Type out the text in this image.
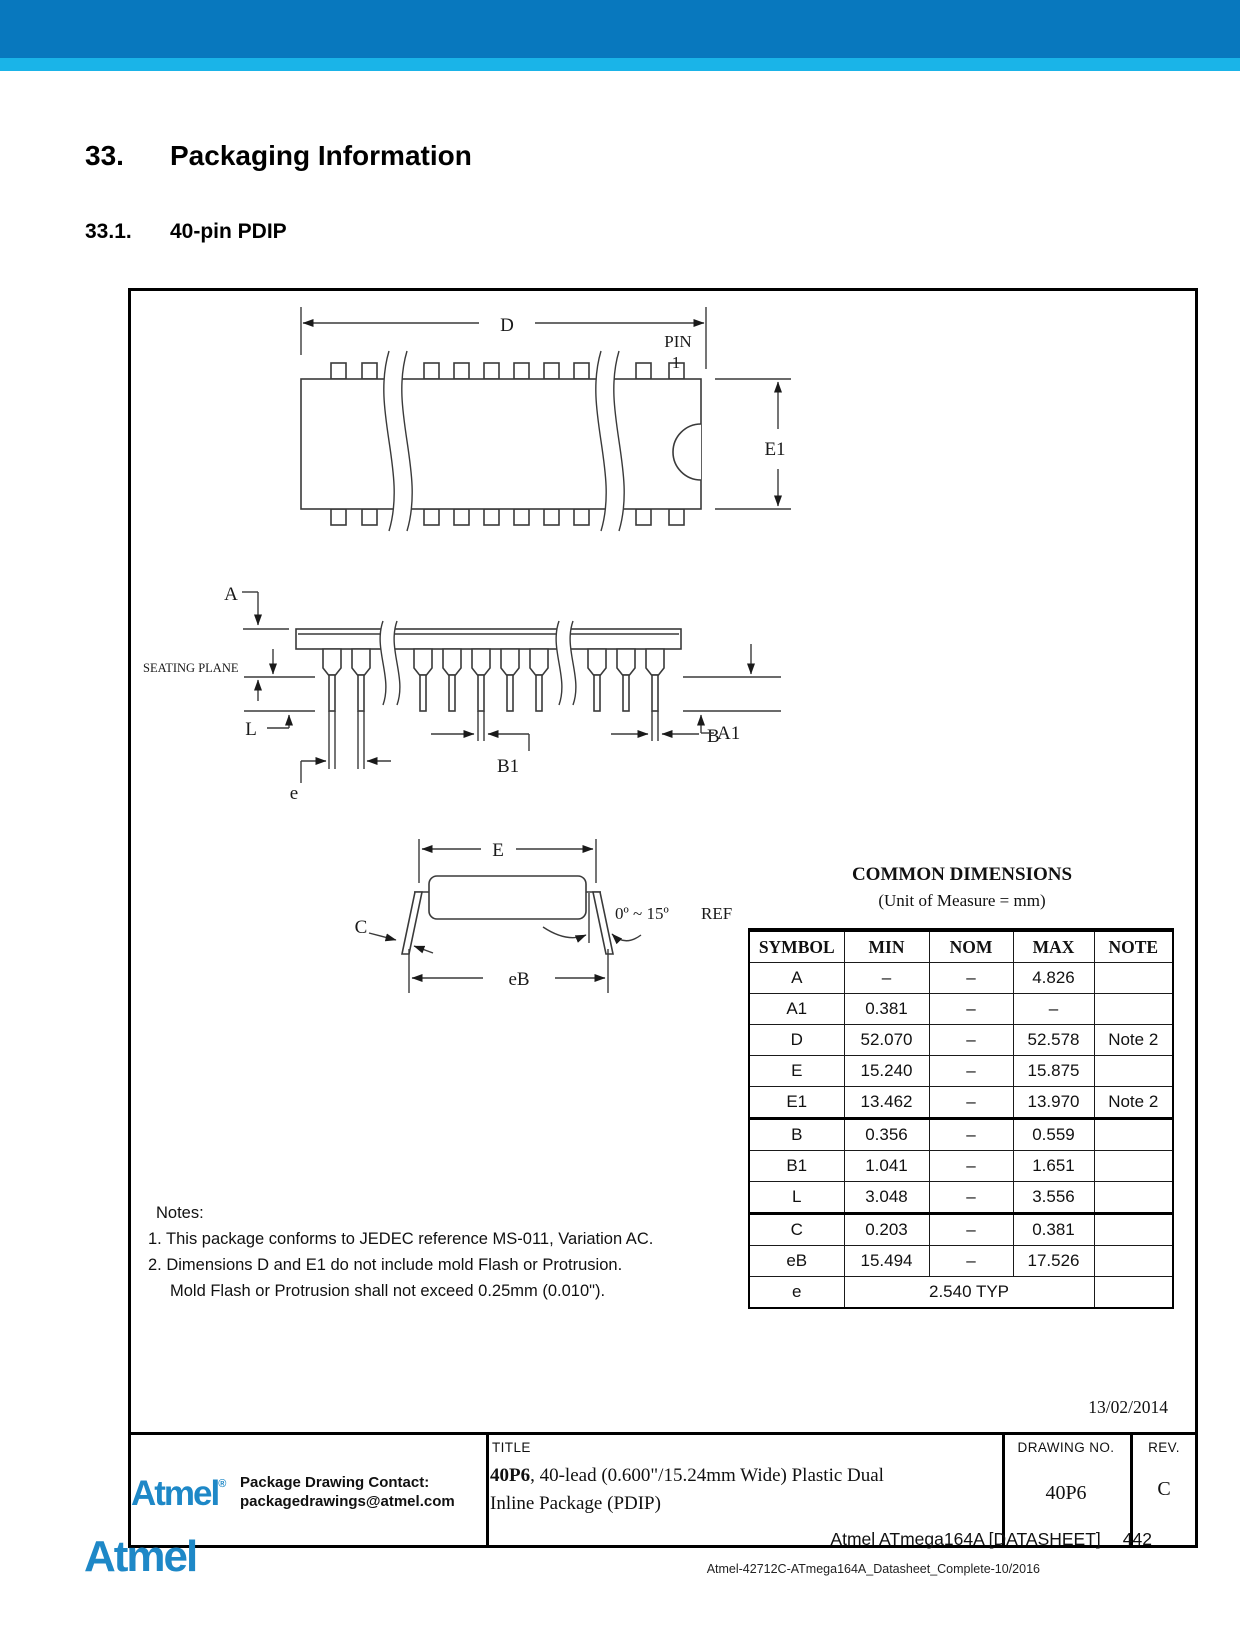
33.	Packaging Information
33.1.	40-pin PDIP
D
PIN
1
E1
A
SEATING PLANE
L
e
B1
B
A1
E
C
0º ~ 15º REF
eB
COMMON DIMENSIONS
(Unit of Measure = mm)
SYMBOL	MIN	NOM	MAX	NOTE
A	–	–	4.826	
A1	0.381	–	–	
D	52.070	–	52.578	Note 2
E	15.240	–	15.875	
E1	13.462	–	13.970	Note 2
B	0.356	–	0.559	
B1	1.041	–	1.651	
L	3.048	–	3.556	
C	0.203	–	0.381	
eB	15.494	–	17.526	
e	2.540 TYP			
Notes:
1. This package conforms to JEDEC reference MS-011, Variation AC.
2. Dimensions D and E1 do not include mold Flash or Protrusion.
Mold Flash or Protrusion shall not exceed 0.25mm (0.010").
13/02/2014
Atmel® Package Drawing Contact:
packagedrawings@atmel.com
TITLE
40P6, 40-lead (0.600"/15.24mm Wide) Plastic Dual
Inline Package (PDIP)
DRAWING NO.
40P6
REV.
C
Atmel	Atmel ATmega164A [DATASHEET] 442
Atmel-42712C-ATmega164A_Datasheet_Complete-10/2016
